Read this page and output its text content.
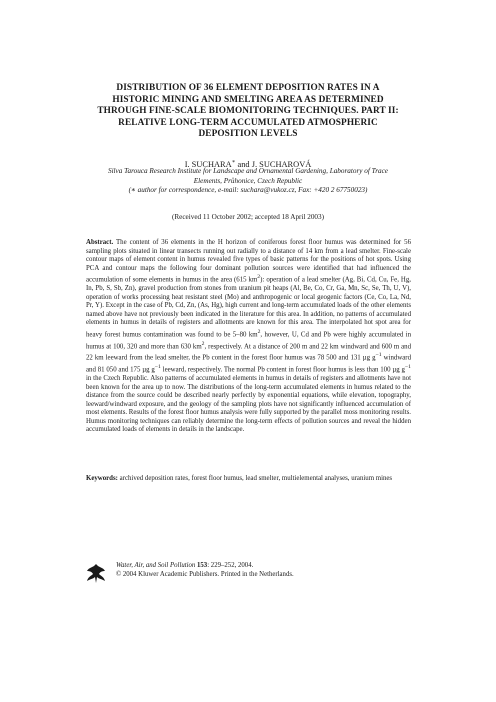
DISTRIBUTION OF 36 ELEMENT DEPOSITION RATES IN A
HISTORIC MINING AND SMELTING AREA AS DETERMINED
THROUGH FINE-SCALE BIOMONITORING TECHNIQUES. PART II:
RELATIVE LONG-TERM ACCUMULATED ATMOSPHERIC
DEPOSITION LEVELS
I. SUCHARA∗ and J. SUCHAROVÁ
Silva Tarouca Research Institute for Landscape and Ornamental Gardening, Laboratory of Trace
Elements, Průhonice, Czech Republic
(∗ author for correspondence, e-mail: suchara@vukoz.cz, Fax: +420 2 67750023)
(Received 11 October 2002; accepted 18 April 2003)
Abstract. The content of 36 elements in the H horizon of coniferous forest floor humus was determined for 56 sampling plots situated in linear transects running out radially to a distance of 14 km from a lead smelter. Fine-scale contour maps of element content in humus revealed five types of basic patterns for the positions of hot spots. Using PCA and contour maps the following four dominant pollution sources were identified that had influenced the accumulation of some elements in humus in the area (615 $km^2$): operation of a lead smelter (Ag, Bi, Cd, Cu, Fe, Hg, In, Pb, S, Sb, Zn), gravel production from stones from uranium pit heaps (Al, Be, Co, Cr, Ga, Mn, Sc, Se, Th, U, V), operation of works processing heat resistant steel (Mo) and anthropogenic or local geogenic factors (Ce, Co, La, Nd, Pr, Y). Except in the case of Pb, Cd, Zn, (As, Hg), high current and long-term accumulated loads of the other elements named above have not previously been indicated in the literature for this area. In addition, no patterns of accumulated elements in humus in details of registers and allotments are known for this area. The interpolated hot spot area for heavy forest humus contamination was found to be 5–80 $km^2$, however, U, Cd and Pb were highly accumulated in humus at 100, 320 and more than 630 $km^2$, respectively. At a distance of 200 m and 22 km windward and 600 m and 22 km leeward from the lead smelter, the Pb content in the forest floor humus was 78 500 and 131 µg $g^{-1}$ windward and 81 050 and 175 µg $g^{-1}$ leeward, respectively. The normal Pb content in forest floor humus is less than 100 µg $g^{-1}$ in the Czech Republic. Also patterns of accumulated elements in humus in details of registers and allotments have not been known for the area up to now. The distributions of the long-term accumulated elements in humus related to the distance from the source could be described nearly perfectly by exponential equations, while elevation, topography, leeward/windward exposure, and the geology of the sampling plots have not significantly influenced accumulation of most elements. Results of the forest floor humus analysis were fully supported by the parallel moss monitoring results. Humus monitoring techniques can reliably determine the long-term effects of pollution sources and reveal the hidden accumulated loads of elements in details in the landscape.
Keywords: archived deposition rates, forest floor humus, lead smelter, multielemental analyses, uranium mines
Water, Air, and Soil Pollution 153: 229–252, 2004.
© 2004 Kluwer Academic Publishers. Printed in the Netherlands.
